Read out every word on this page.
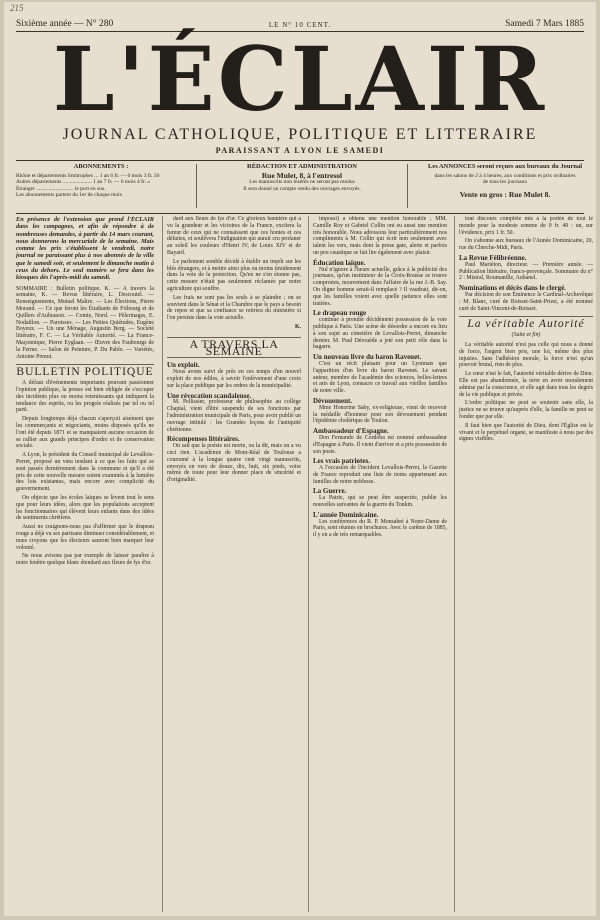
215
Sixième année — N° 280	LE N° 10 CENT.	Samedi 7 Mars 1885
L'ÉCLAIR
JOURNAL CATHOLIQUE, POLITIQUE ET LITTERAIRE
PARAISSANT A LYON LE SAMEDI
ABONNEMENTS :
Rhône et départements limitrophes ... 1 an 6 fr. — 6 mois 3 fr. 50
Autres départements ..................... 1 an 7 fr. — 6 mois 4 fr. »
Étranger ........................... le port en sus.
Les abonnements partent du 1er de chaque mois
RÉDACTION ET ADMINISTRATION
Rue Mulet, 8, à l'entresol
Les manuscrits non insérés ne seront pas rendus
Il sera donné un compte rendu des ouvrages envoyés.
Les ANNONCES seront reçues aux bureaux du Journal
dans les salons de 2 à 4 heures, aux conditions et prix ordinaires
de tous les journaux
Vente en gros : Rue Mulet 8.
En présence de l'extension que prend l'ÉCLAIR dans les campagnes, et afin de répondre à de nombreuses demandes, à partir du 14 mars courant, nous donnerons la mercuriale de la semaine. Mais comme les prix s'établissent le vendredi, notre journal ne paraissant plus à nos abonnés de la ville que le samedi soir, et seulement le dimanche matin à ceux du dehors. Le seul numéro se fera dans les kiosques dès l'après-midi du samedi.
SOMMAIRE : Bulletin politique, K. — A travers la semaine, K. — Revue littéraire, L. Descoutel. — Renseignements, Mutuel Maître. — Les Élections, Pierre Morand. — Ce que feront les Étudiants de Fribourg et de Quillers d'Aubusson. — Comte, Nord. — Pèlerinages, E. Nodaillon. — Paroisses. — Les Petites Quiétudes, Eugène Boyeux. — Un une Ménage, Augustin Berg. — Société littéraire, F. C. — La Véritable Autorité. — La France-Maçonnique, Pierre Eyglaan. — Œuvre des Faubourgs de la Ferme. — Salon de Peinture, P. Du Pablo. — Variétés, Antoine Prenot.
BULLETIN POLITIQUE

A défaut d'événements importants pouvant passionner l'opinion publique, la presse est bien obligée de s'occuper des incidents plus ou moins retentissants qui indiquent la tendance des esprits, ou les progrès réalisés par tel ou tel parti.

Depuis longtemps déjà chacun s'aperçoit aisément que les commerçants et négociants, moins disposés qu'ils ne l'ont été depuis 1871 et se manquaient aucune occasion de se rallier aux grands principes d'ordre et de conservation sociale.

A Lyon, le président du Conseil municipal de Levallois-Perret, proposé un vœu tendant à ce que les faits qui se sont passés dernièrement dans la commune et qu'il a été pris de cette nouvelle mesure soient examinés à la lumière des lois existantes, mais encore avec complicité du gouvernement.

On objecte que les écoles laïques se lèvent tout le sens que pour leurs idées, alors que les populations acceptent les fonctionnaires qui élèvent leurs enfants dans des idées de sentiments chrétiens.

Aussi ne craignons-nous pas d'affirmer que le drapeau rouge a déjà vu ses partisans diminuer considérablement, et nous croyons que les électeurs sauront bien marquer leur volonté.

Ne nous avisons pas par exemple de laisser paraître à notre fenêtre quelque blanc étendard aux fleurs de lys d'or.

dard aux fleurs de lys d'or. Ce glorieux bannière qui a vu la grandeur et les victoires de la France, excitera la fureur de ceux qui ne connaissent que ces hontes et ces défaites, et soulèvera l'indignation qui aurait cru profaner au soleil les couleurs d'Henri IV, de Louis XIV et de Bayard.

Le parlement semble décidé à établir un impôt sur les blés étrangers, et à mettre ainsi plus ou moins timidement dans la voie de la protection. Qu'en ne s'en étonne pas, cette mesure n'était pas seulement réclamée par notre agriculture qui souffre.

Les frais ne sont pas les seuls à se plaindre ; on se souvient dans le Sénat et la Chambre que le pays a besoin de repos et que sa confiance se retirera du ministère si l'on persiste dans la voie actuelle.

K.
A TRAVERS LA SEMAINE
Un exploit.

Nous avons suivi de près en ces temps d'un nouvel exploit de nos édiles, à savoir l'enlèvement d'une croix sur la place publique par les ordres de la municipalité.

Une révocation scandaleuse.

M. Pellissier, professeur de philosophie au collège Chaptal, vient d'être suspendu de ses fonctions par l'administration municipale de Paris, pour avoir publié un ouvrage intitulé : les Grandes leçons de l'antiquité chrétienne.

Récompenses littéraires.

On sait que la poésie est morte, ou la dit, mais on a vu ceci rien. L'académie de Mont-Réal de Toulouse a couronné à la longue quatre cent vingt manuscrits, envoyés en vers de douze, dix, huit, six pieds, voire même de toute pour leur donner place de sincérité et d'originalité.

impossi) a obtenu une mention honorable ; MM. Camille Roy et Gabriel Collin ont eu aussi une mention très honorable. Nous adressons leur particulièrement nos compliments à M. Collin qui écrit non seulement avec talent les vers, mais dont la prose gaie, alerte et parfois un peu caustique se fait lire également avec plaisir.

Éducation laïque.

Nul n'ignore à l'heure actuelle, grâce à la publicité des journaux, qu'un instituteur de la Croix-Rousse se trouve compromis, mouvement dans l'affaire de la rue J.-B. Say. On digne homme serait-il remplacé ? Il vaudrait, dit-on, que les familles voient avec quelle patience elles sont traitées.

Le drapeau rouge

continue à prendre décidément possession de la voie publique à Paris. Une scène de désordre a encore eu lieu à son sujet au cimetière de Levallois-Perret, dimanche dernier. M. Paul Dérouède a jeté son petit rôle dans la bagarre.

Un nouveau livre du baron Ravenet.

C'est un récit plaisant pour un Lyonnais que l'apparition d'un livre du baron Ravenet. Le savant auteur, membre de l'académie des sciences, belles-lettres et arts de Lyon, consacre ce travail aux vieilles familles de notre ville.

Dévouement.

Mme Honorine Saby, ex-religieuse, vient de recevoir la médaille d'honneur pour son dévouement pendant l'épidémie cholérique de Toulon.

Ambassadeur d'Espagne.

Don Fernando de Cordoba est nommé ambassadeur d'Espagne à Paris. Il vient d'arriver et a pris possession de son poste.

Les vrais patriotes.

A l'occasion de l'incident Levallois-Perret, la Gazette de France reproduit une liste de noms appartenant aux familles de notre noblesse.

La Guerre.

La Patrie, qui se peut être suspectée, publie les nouvelles suivantes de la guerre du Tonkin.

L'année Dominicaine.

Les conférences du R. P. Monsabré à Notre-Dame de Paris, sont réunies en brochures. Avec le carême de 1885, il y en a de très remarquables.

tout discours complète mis à la portée de tout le monde pour la modeste somme de 0 fr. 40 : un, sur l'évidence, prix 1 fr. 50.

On s'abonne aux bureaux de l'Année Dominicaine, 20, rue du Cherche-Midi, Paris.

La Revue Félibréenne.

Paul Mariéton, directeur. — Première année. — Publication littéraire, franco-provençale. Sommaire du n° 2 : Mistral, Roumanille, Aubanel.

Nominations et décès dans le clergé.

Par décision de son Éminence le Cardinal-Archevêque : M. Blanc, curé de Boisset-Saint-Priest, a été nommé curé de Saint-Vincent-de-Boisset.

La véritable Autorité
(Suite et fin)

La véritable autorité n'est pas celle qui nous a donné de force, l'argent bien pris, une loi, même des plus injustes. Sans l'adhésion morale, la force n'est qu'un pouvoir brutal, rien de plus.

Le cœur n'est le fait, l'autorité véritable dérive de Dieu. Elle est pas abandonnée, la terre en avoir moralement admise par la conscience, et elle agit dans tous les degrés de la vie publique et privée.

L'ordre politique ne peut se soutenir sans elle, la justice ne se trouve qu'auprès d'elle, la famille ne peut se fonder que par elle.

Il faut bien que l'autorité de Dieu, dont l'Église est le vivant et le perpétuel organe, se manifeste à nous par des signes visibles.
